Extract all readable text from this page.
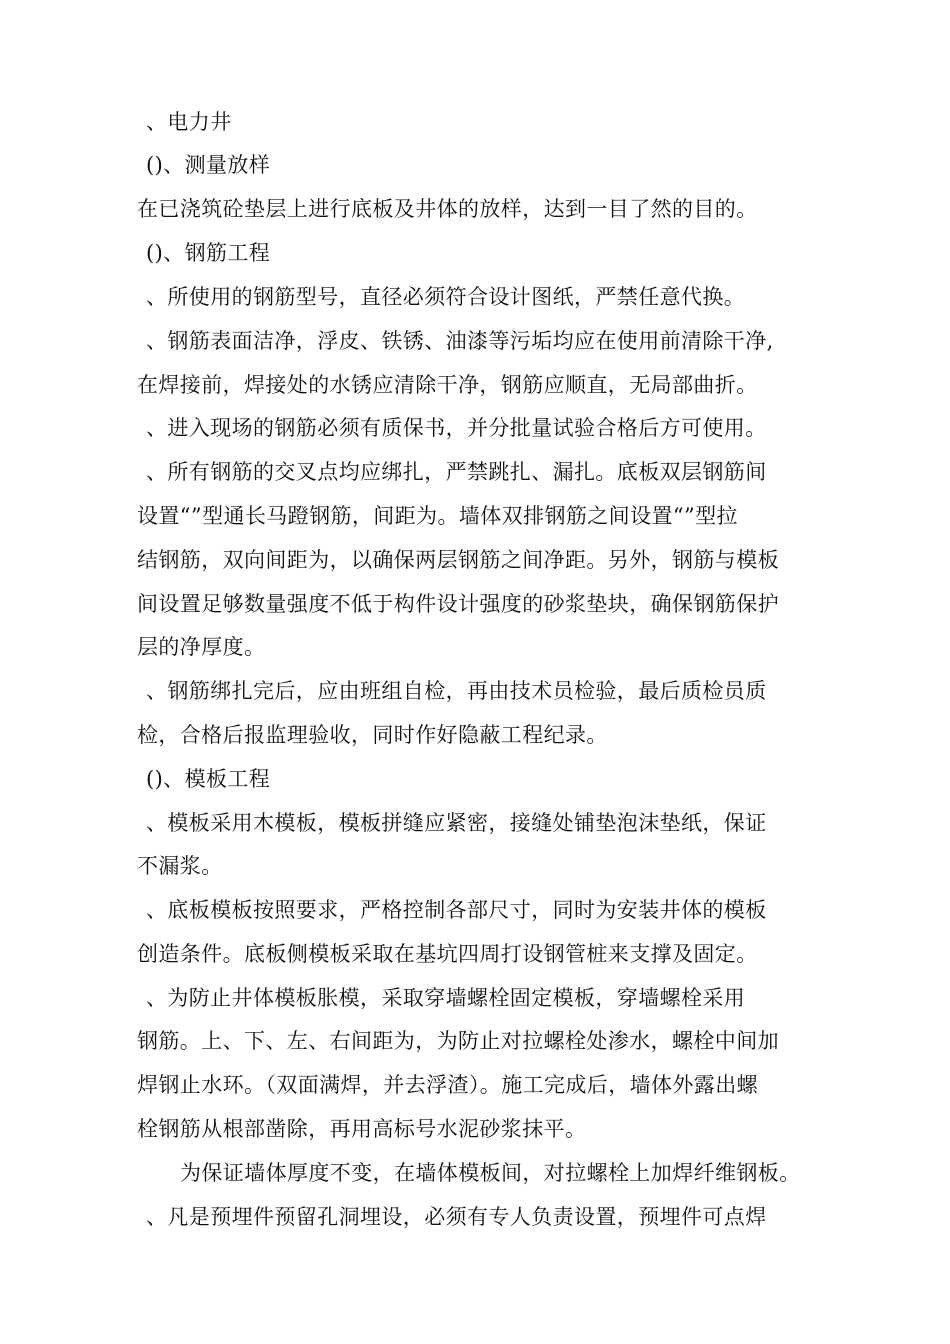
、电力井
()、测量放样
在已浇筑砼垫层上进行底板及井体的放样，达到一目了然的目的。
()、钢筋工程
、所使用的钢筋型号，直径必须符合设计图纸，严禁任意代换。
、钢筋表面洁净，浮皮、铁锈、油漆等污垢均应在使用前清除干净,
在焊接前，焊接处的水锈应清除干净，钢筋应顺直，无局部曲折。
、进入现场的钢筋必须有质保书，并分批量试验合格后方可使用。
、所有钢筋的交叉点均应绑扎，严禁跳扎、漏扎。底板双层钢筋间
设置“”型通长马蹬钢筋，间距为。墙体双排钢筋之间设置“”型拉
结钢筋，双向间距为，以确保两层钢筋之间净距。另外，钢筋与模板
间设置足够数量强度不低于构件设计强度的砂浆垫块，确保钢筋保护
层的净厚度。
、钢筋绑扎完后，应由班组自检，再由技术员检验，最后质检员质
检，合格后报监理验收，同时作好隐蔽工程纪录。
()、模板工程
、模板采用木模板，模板拼缝应紧密，接缝处铺垫泡沫垫纸，保证
不漏浆。
、底板模板按照要求，严格控制各部尺寸，同时为安装井体的模板
创造条件。底板侧模板采取在基坑四周打设钢管桩来支撑及固定。
、为防止井体模板胀模，采取穿墙螺栓固定模板，穿墙螺栓采用
钢筋。上、下、左、右间距为，为防止对拉螺栓处渗水，螺栓中间加
焊钢止水环。（双面满焊，并去浮渣）。施工完成后，墙体外露出螺
栓钢筋从根部凿除，再用高标号水泥砂浆抹平。
为保证墙体厚度不变，在墙体模板间，对拉螺栓上加焊纤维钢板。
、凡是预埋件预留孔洞埋设，必须有专人负责设置，预埋件可点焊
